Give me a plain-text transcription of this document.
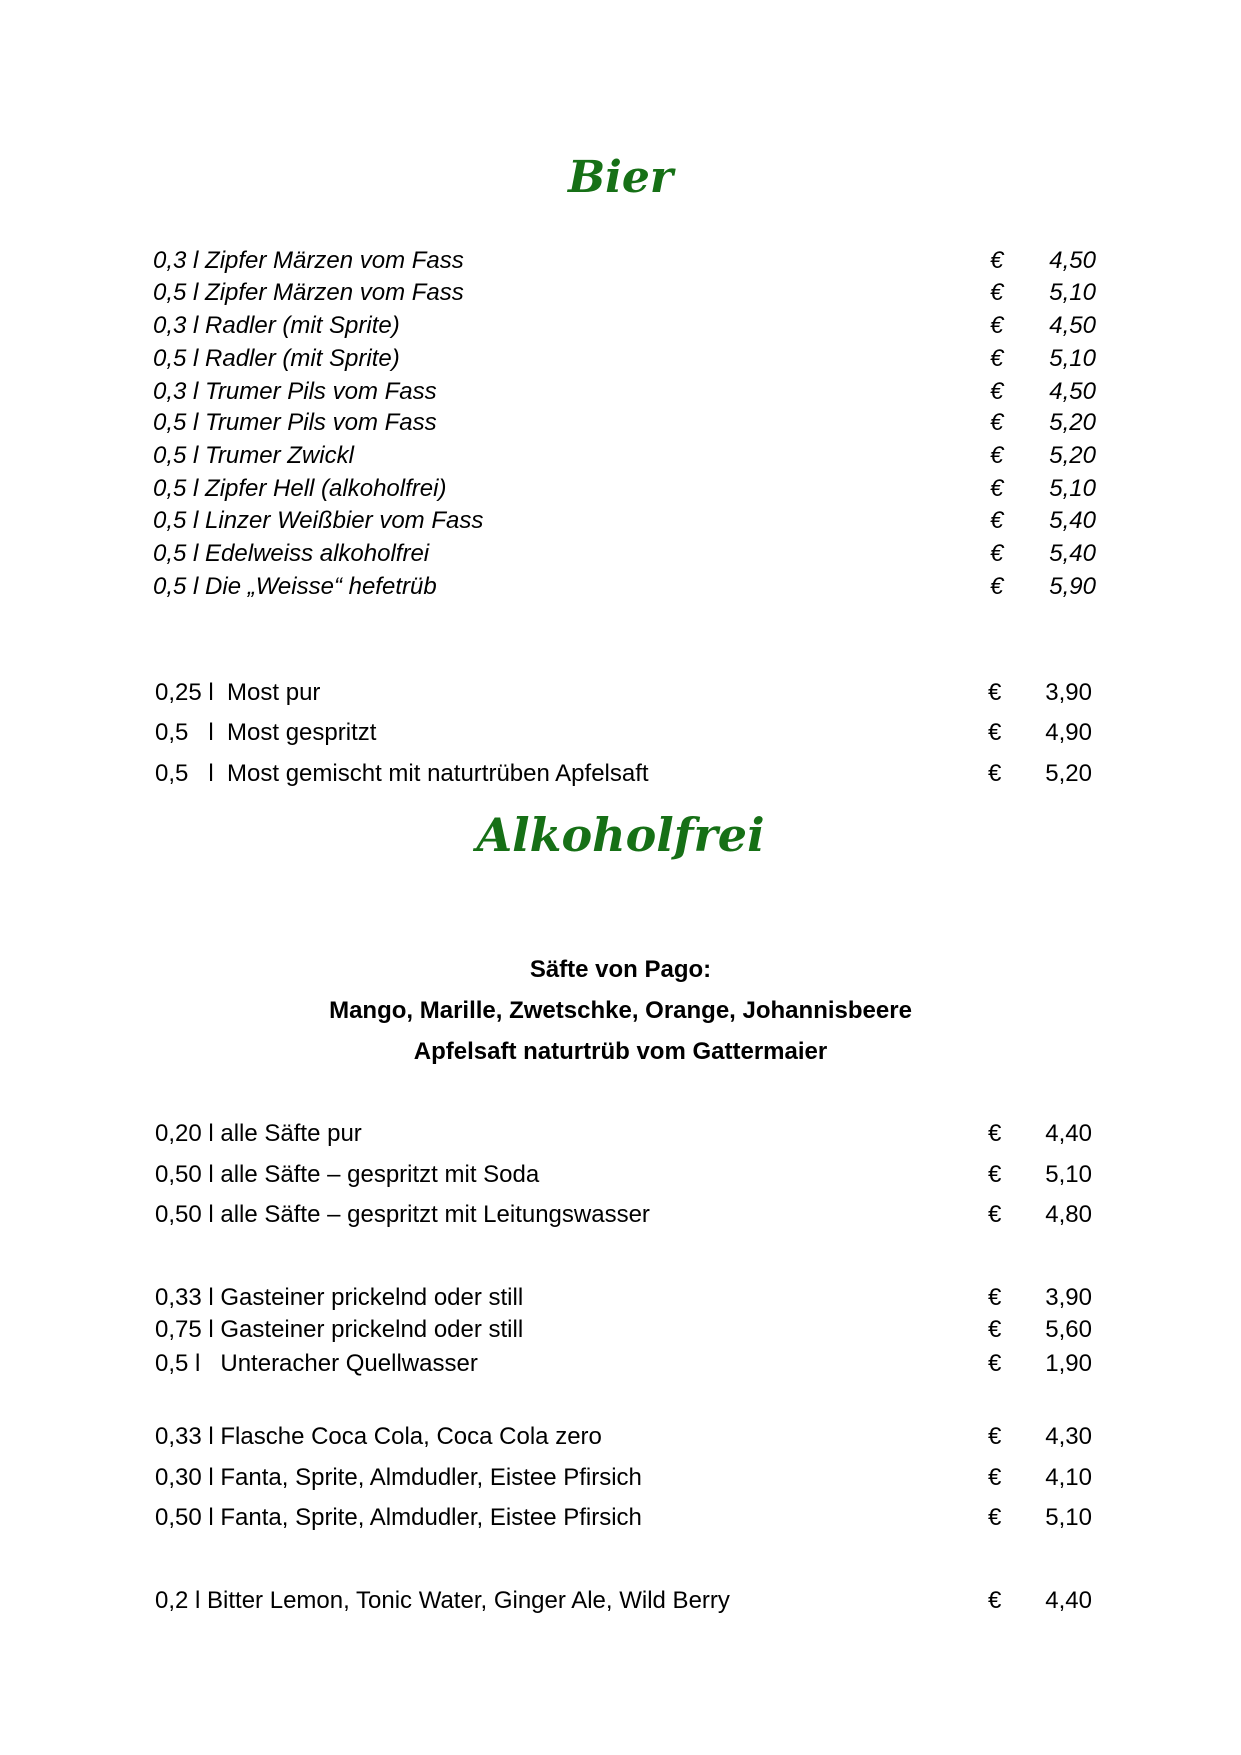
Bier
0,3 l Zipfer Märzen vom Fass	€	4,50
0,5 l Zipfer Märzen vom Fass	€	5,10
0,3 l Radler (mit Sprite)	€	4,50
0,5 l Radler (mit Sprite)	€	5,10
0,3 l Trumer Pils vom Fass	€	4,50
0,5 l Trumer Pils vom Fass	€	5,20
0,5 l Trumer Zwickl	€	5,20
0,5 l Zipfer Hell (alkoholfrei)	€	5,10
0,5 l Linzer Weißbier vom Fass	€	5,40
0,5 l Edelweiss alkoholfrei	€	5,40
0,5 l Die „Weisse“ hefetrüb	€	5,90
0,25 l  Most pur	€	3,90
0,5   l  Most gespritzt	€	4,90
0,5   l  Most gemischt mit naturtrüben Apfelsaft	€	5,20
Alkoholfrei
Säfte von Pago:
Mango, Marille, Zwetschke, Orange, Johannisbeere
Apfelsaft naturtrüb vom Gattermaier
0,20 l alle Säfte pur	€	4,40
0,50 l alle Säfte – gespritzt mit Soda	€	5,10
0,50 l alle Säfte – gespritzt mit Leitungswasser	€	4,80
0,33 l Gasteiner prickelnd oder still	€	3,90
0,75 l Gasteiner prickelnd oder still	€	5,60
0,5 l   Unteracher Quellwasser	€	1,90
0,33 l Flasche Coca Cola, Coca Cola zero	€	4,30
0,30 l Fanta, Sprite, Almdudler, Eistee Pfirsich	€	4,10
0,50 l Fanta, Sprite, Almdudler, Eistee Pfirsich	€	5,10
0,2 l Bitter Lemon, Tonic Water, Ginger Ale, Wild Berry	€	4,40
